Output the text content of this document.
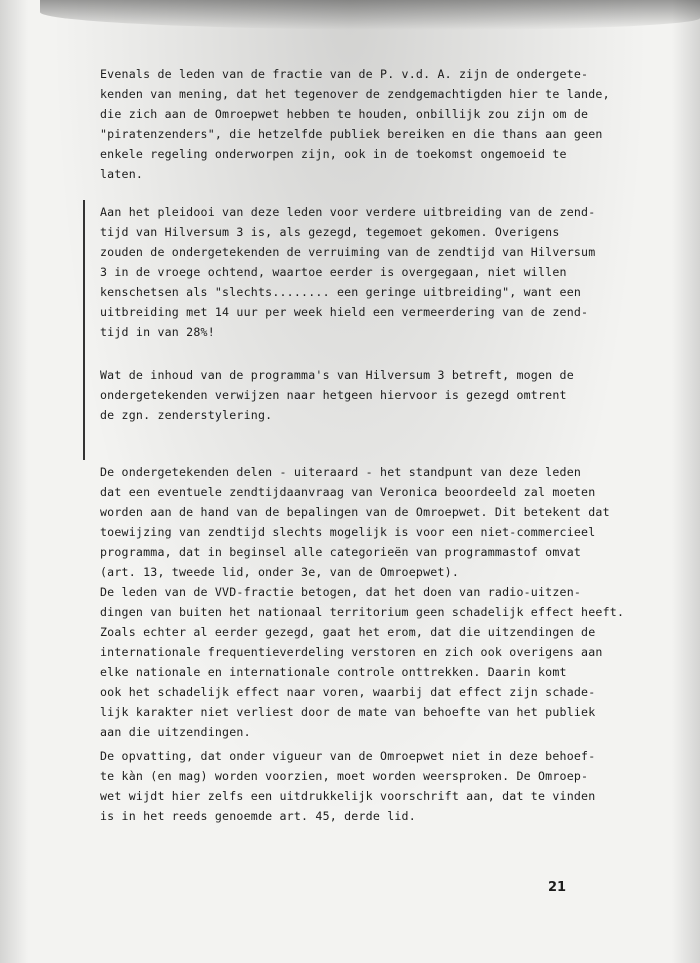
Evenals de leden van de fractie van de P. v.d. A. zijn de ondergete-
kenden van mening, dat het tegenover de zendgemachtigden hier te lande,
die zich aan de Omroepwet hebben te houden, onbillijk zou zijn om de
"piratenzenders", die hetzelfde publiek bereiken en die thans aan geen
enkele regeling onderworpen zijn, ook in de toekomst ongemoeid te
laten.
Aan het pleidooi van deze leden voor verdere uitbreiding van de zend-
tijd van Hilversum 3 is, als gezegd, tegemoet gekomen. Overigens
zouden de ondergetekenden de verruiming van de zendtijd van Hilversum
3 in de vroege ochtend, waartoe eerder is overgegaan, niet willen
kenschetsen als "slechts........ een geringe uitbreiding", want een
uitbreiding met 14 uur per week hield een vermeerdering van de zend-
tijd in van 28%!
Wat de inhoud van de programma's van Hilversum 3 betreft, mogen de
ondergetekenden verwijzen naar hetgeen hiervoor is gezegd omtrent
de zgn. zenderstylering.
De ondergetekenden delen - uiteraard - het standpunt van deze leden
dat een eventuele zendtijdaanvraag van Veronica beoordeeld zal moeten
worden aan de hand van de bepalingen van de Omroepwet. Dit betekent dat
toewijzing van zendtijd slechts mogelijk is voor een niet-commercieel
programma, dat in beginsel alle categorieën van programmastof omvat
(art. 13, tweede lid, onder 3e, van de Omroepwet).
De leden van de VVD-fractie betogen, dat het doen van radio-uitzen-
dingen van buiten het nationaal territorium geen schadelijk effect heeft.
Zoals echter al eerder gezegd, gaat het erom, dat die uitzendingen de
internationale frequentieverdeling verstoren en zich ook overigens aan
elke nationale en internationale controle onttrekken. Daarin komt
ook het schadelijk effect naar voren, waarbij dat effect zijn schade-
lijk karakter niet verliest door de mate van behoefte van het publiek
aan die uitzendingen.
De opvatting, dat onder vigueur van de Omroepwet niet in deze behoef-
te kàn (en mag) worden voorzien, moet worden weersproken. De Omroep-
wet wijdt hier zelfs een uitdrukkelijk voorschrift aan, dat te vinden
is in het reeds genoemde art. 45, derde lid.
21
